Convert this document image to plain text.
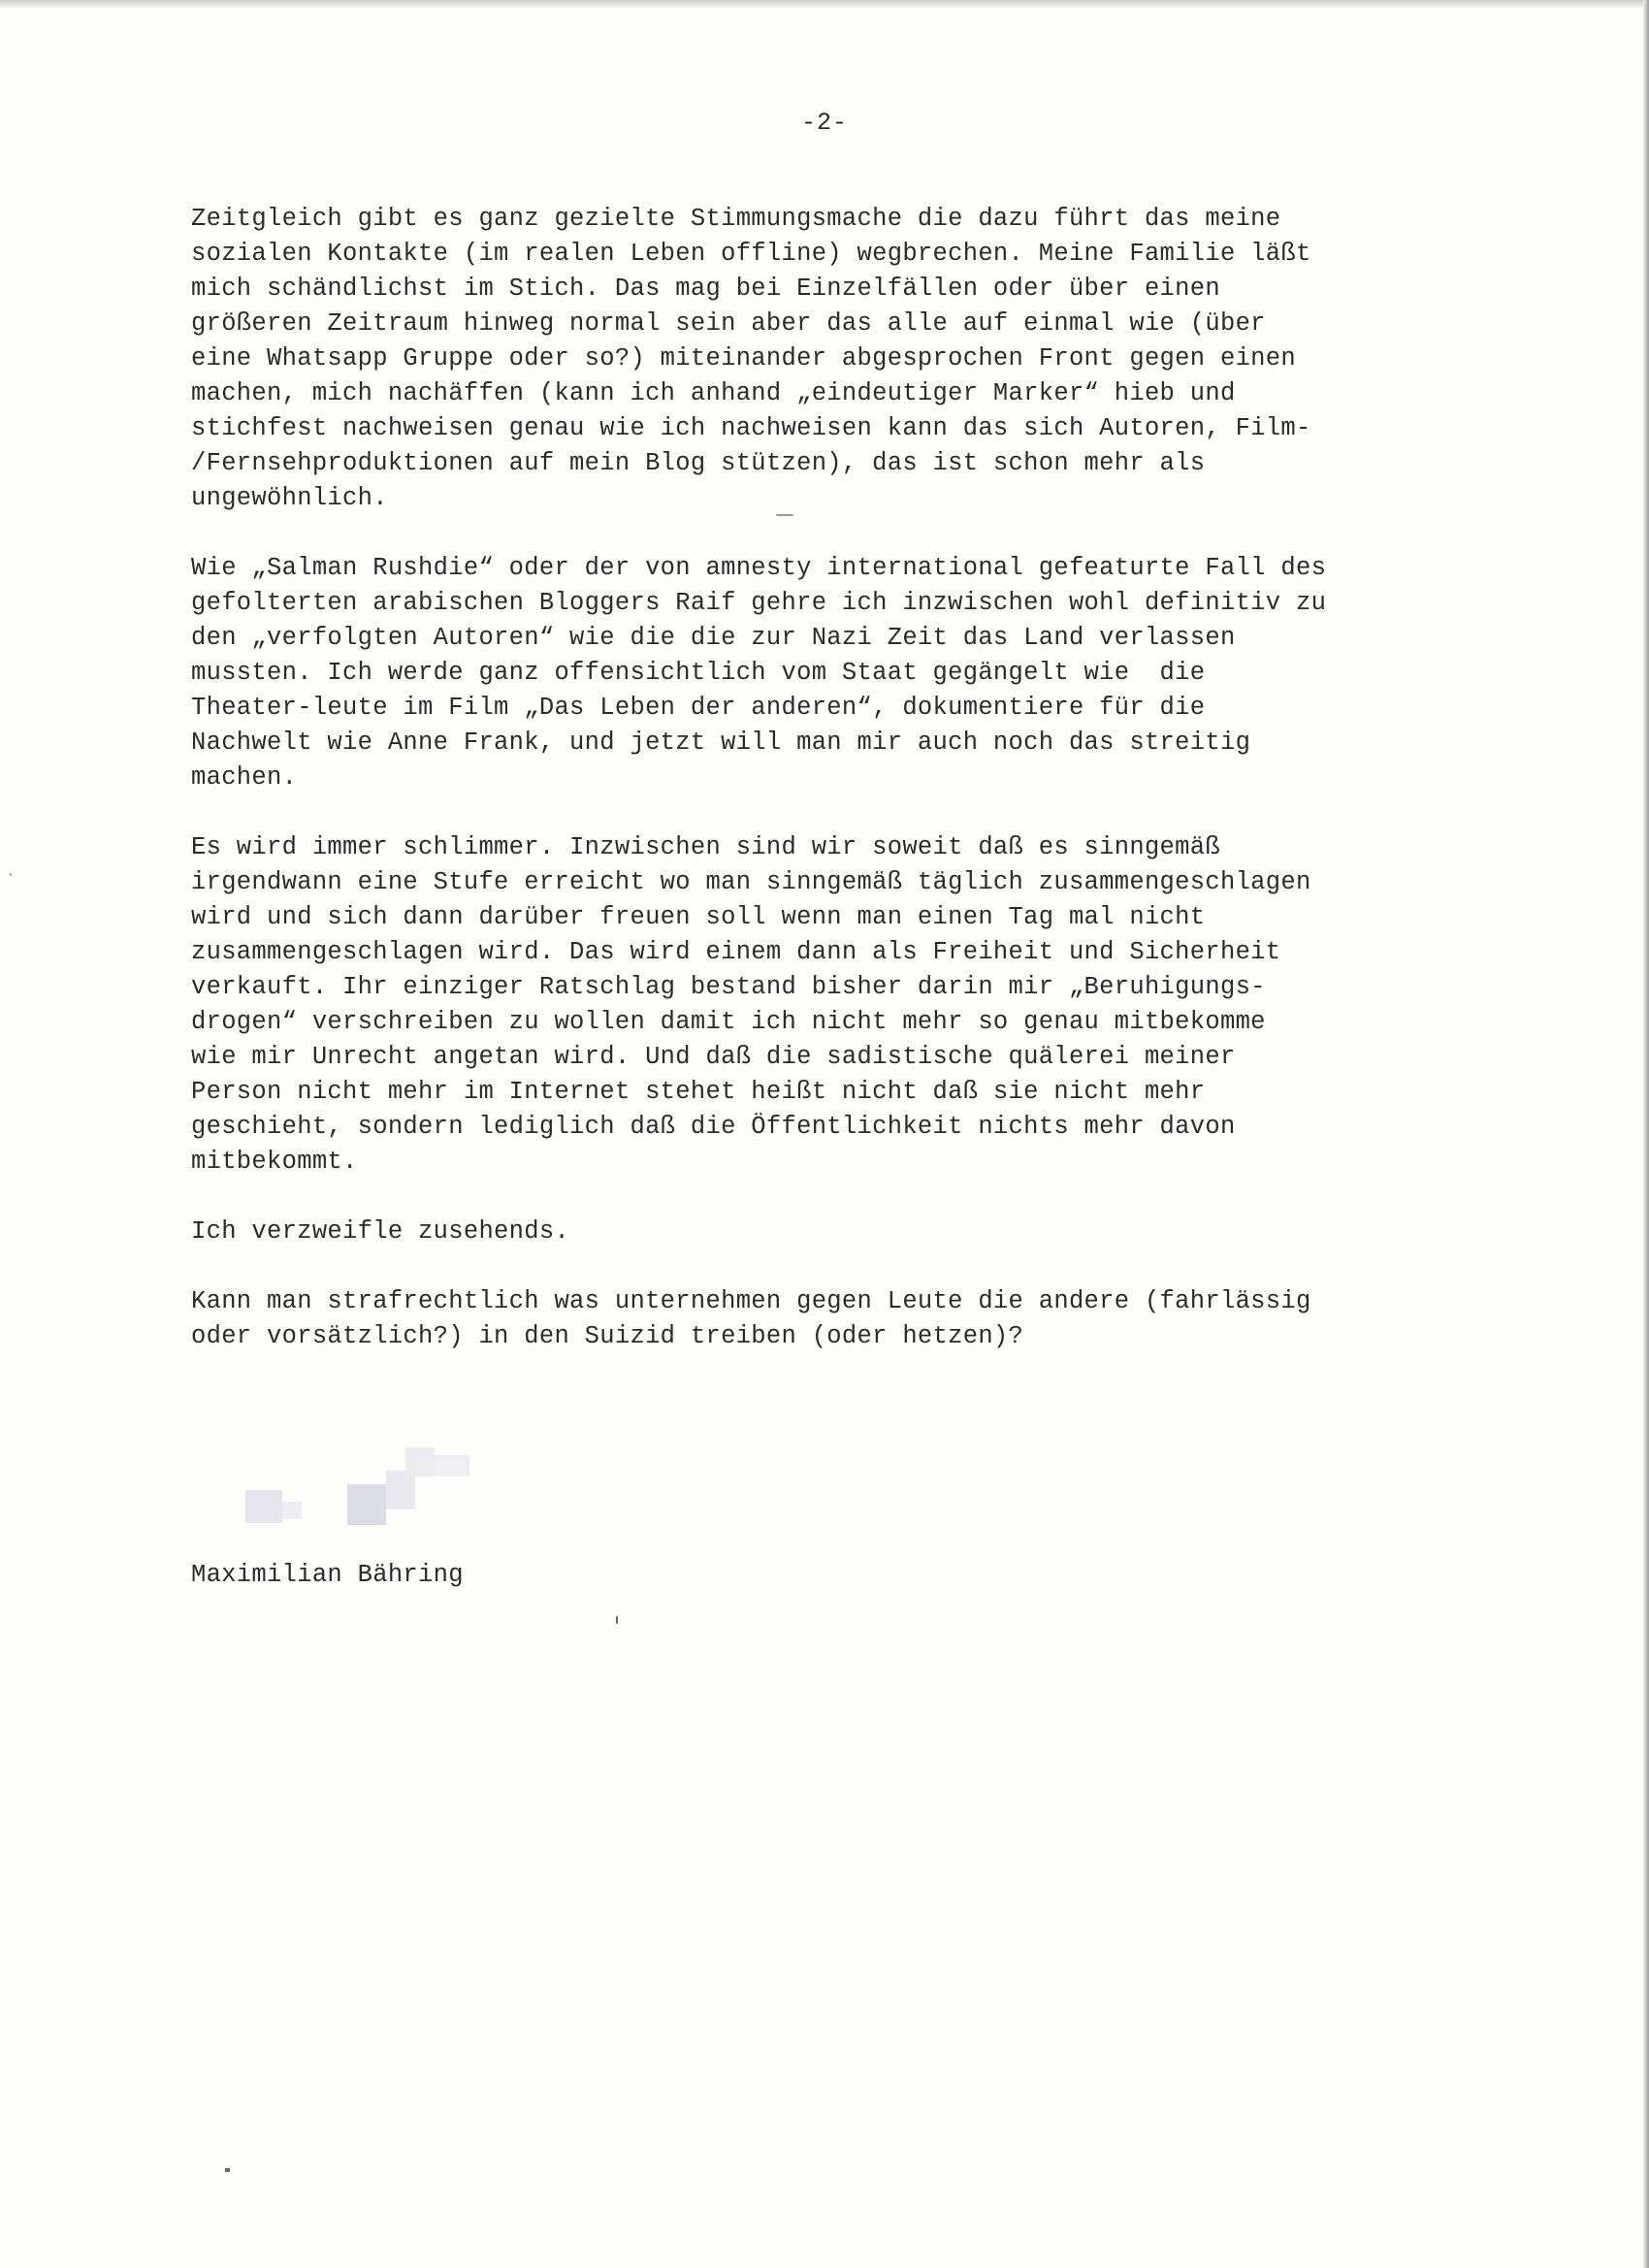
-2-

Zeitgleich gibt es ganz gezielte Stimmungsmache die dazu führt das meine
sozialen Kontakte (im realen Leben offline) wegbrechen. Meine Familie läßt
mich schändlichst im Stich. Das mag bei Einzelfällen oder über einen
größeren Zeitraum hinweg normal sein aber das alle auf einmal wie (über
eine Whatsapp Gruppe oder so?) miteinander abgesprochen Front gegen einen
machen, mich nachäffen (kann ich anhand „eindeutiger Marker“ hieb und
stichfest nachweisen genau wie ich nachweisen kann das sich Autoren, Film-
/Fernsehproduktionen auf mein Blog stützen), das ist schon mehr als
ungewöhnlich.

Wie „Salman Rushdie“ oder der von amnesty international gefeaturte Fall des
gefolterten arabischen Bloggers Raif gehre ich inzwischen wohl definitiv zu
den „verfolgten Autoren“ wie die die zur Nazi Zeit das Land verlassen
mussten. Ich werde ganz offensichtlich vom Staat gegängelt wie  die
Theater-leute im Film „Das Leben der anderen“, dokumentiere für die
Nachwelt wie Anne Frank, und jetzt will man mir auch noch das streitig
machen.

Es wird immer schlimmer. Inzwischen sind wir soweit daß es sinngemäß
irgendwann eine Stufe erreicht wo man sinngemäß täglich zusammengeschlagen
wird und sich dann darüber freuen soll wenn man einen Tag mal nicht
zusammengeschlagen wird. Das wird einem dann als Freiheit und Sicherheit
verkauft. Ihr einziger Ratschlag bestand bisher darin mir „Beruhigungs-
drogen“ verschreiben zu wollen damit ich nicht mehr so genau mitbekomme
wie mir Unrecht angetan wird. Und daß die sadistische quälerei meiner
Person nicht mehr im Internet stehet heißt nicht daß sie nicht mehr
geschieht, sondern lediglich daß die Öffentlichkeit nichts mehr davon
mitbekommt.

Ich verzweifle zusehends.

Kann man strafrechtlich was unternehmen gegen Leute die andere (fahrlässig
oder vorsätzlich?) in den Suizid treiben (oder hetzen)?

Maximilian Bähring
